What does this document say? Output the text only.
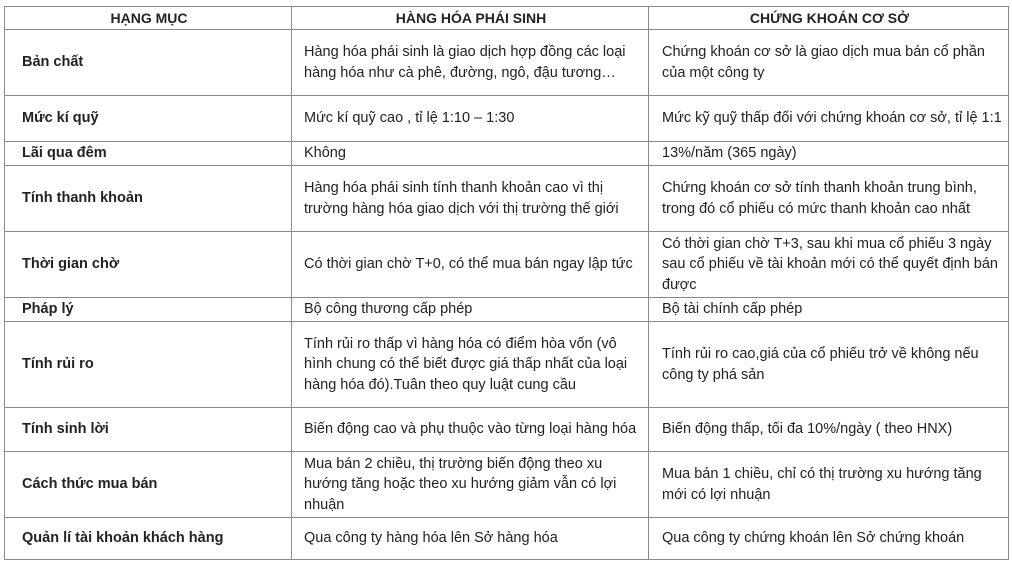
HẠNG MỤC	HÀNG HÓA PHÁI SINH	CHỨNG KHOÁN CƠ SỞ
Bản chất	Hàng hóa phái sinh là giao dịch hợp đồng các loại hàng hóa như cà phê, đường, ngô, đậu tương…	Chứng khoán cơ sở là giao dịch mua bán cổ phần của một công ty
Mức kí quỹ	Mức kí quỹ cao , tỉ lệ 1:10 – 1:30	Mức kỹ quỹ thấp đối với chứng khoán cơ sở, tỉ lệ 1:1
Lãi qua đêm	Không	13%/năm (365 ngày)
Tính thanh khoản	Hàng hóa phái sinh tính thanh khoản cao vì thị trường hàng hóa giao dịch với thị trường thế giới	Chứng khoán cơ sở tính thanh khoản trung bình, trong đó cổ phiếu có mức thanh khoản cao nhất
Thời gian chờ	Có thời gian chờ T+0, có thể mua bán ngay lập tức	Có thời gian chờ T+3, sau khi mua cổ phiếu 3 ngày sau cổ phiếu về tài khoản mới có thể quyết định bán được
Pháp lý	Bộ công thương cấp phép	Bộ tài chính cấp phép
Tính rủi ro	Tính rủi ro thấp vì hàng hóa có điểm hòa vốn (vô hình chung có thể biết được giá thấp nhất của loại hàng hóa đó).Tuân theo quy luật cung cầu	Tính rủi ro cao,giá của cổ phiếu trở về không nếu công ty phá sản
Tính sinh lời	Biến động cao và phụ thuộc vào từng loại hàng hóa	Biến động thấp, tối đa 10%/ngày ( theo HNX)
Cách thức mua bán	Mua bán 2 chiều, thị trường biến động theo xu hướng tăng hoặc theo xu hướng giảm vẫn có lợi nhuận	Mua bán 1 chiều, chỉ có thị trường xu hướng tăng mới có lợi nhuận
Quản lí tài khoản khách hàng	Qua công ty hàng hóa lên Sở hàng hóa	Qua công ty chứng khoán lên Sở chứng khoán
